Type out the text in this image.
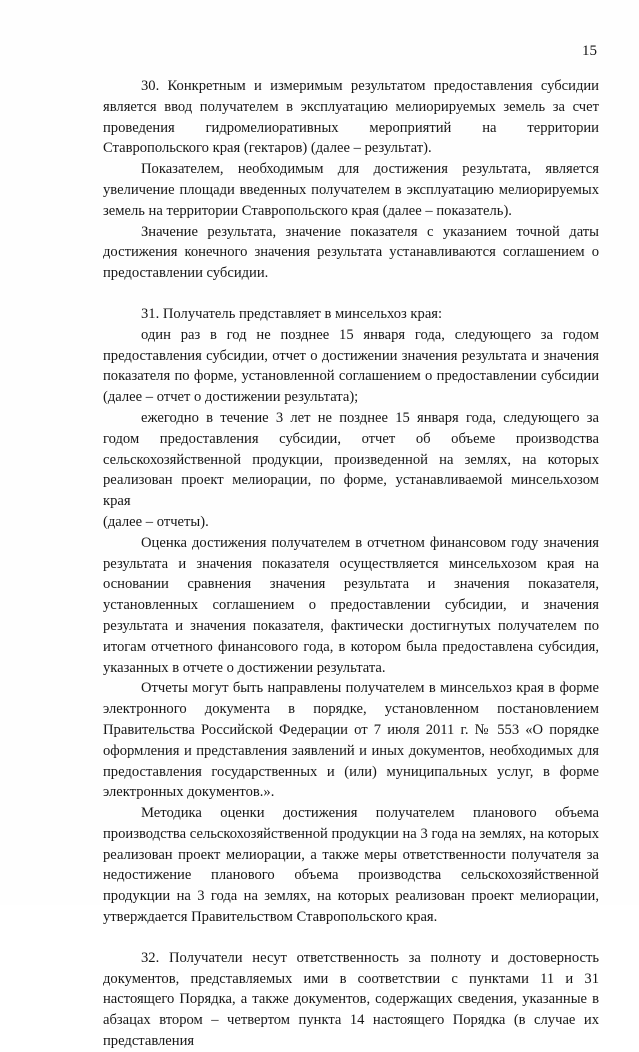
15

30. Конкретным и измеримым результатом предоставления субсидии является ввод получателем в эксплуатацию мелиорируемых земель за счет проведения гидромелиоративных мероприятий на территории Ставропольского края (гектаров) (далее – результат).

Показателем, необходимым для достижения результата, является увеличение площади введенных получателем в эксплуатацию мелиорируемых земель на территории Ставропольского края (далее – показатель).

Значение результата, значение показателя с указанием точной даты достижения конечного значения результата устанавливаются соглашением о предоставлении субсидии.

31. Получатель представляет в минсельхоз края:

один раз в год не позднее 15 января года, следующего за годом предоставления субсидии, отчет о достижении значения результата и значения показателя по форме, установленной соглашением о предоставлении субсидии (далее – отчет о достижении результата);

ежегодно в течение 3 лет не позднее 15 января года, следующего за годом предоставления субсидии, отчет об объеме производства сельскохозяйственной продукции, произведенной на землях, на которых реализован проект мелиорации, по форме, устанавливаемой минсельхозом края

(далее – отчеты).

Оценка достижения получателем в отчетном финансовом году значения результата и значения показателя осуществляется минсельхозом края на основании сравнения значения результата и значения показателя, установленных соглашением о предоставлении субсидии, и значения результата и значения показателя, фактически достигнутых получателем по итогам отчетного финансового года, в котором была предоставлена субсидия, указанных в отчете о достижении результата.

Отчеты могут быть направлены получателем в минсельхоз края в форме электронного документа в порядке, установленном постановлением Правительства Российской Федерации от 7 июля 2011 г. № 553 «О порядке оформления и представления заявлений и иных документов, необходимых для предоставления государственных и (или) муниципальных услуг, в форме электронных документов.».

Методика оценки достижения получателем планового объема производства сельскохозяйственной продукции на 3 года на землях, на которых реализован проект мелиорации, а также меры ответственности получателя за недостижение планового объема производства сельскохозяйственной продукции на 3 года на землях, на которых реализован проект мелиорации, утверждается Правительством Ставропольского края.

32. Получатели несут ответственность за полноту и достоверность документов, представляемых ими в соответствии с пунктами 11 и 31 настоящего Порядка, а также документов, содержащих сведения, указанные в абзацах втором – четвертом пункта 14 настоящего Порядка (в случае их представления
